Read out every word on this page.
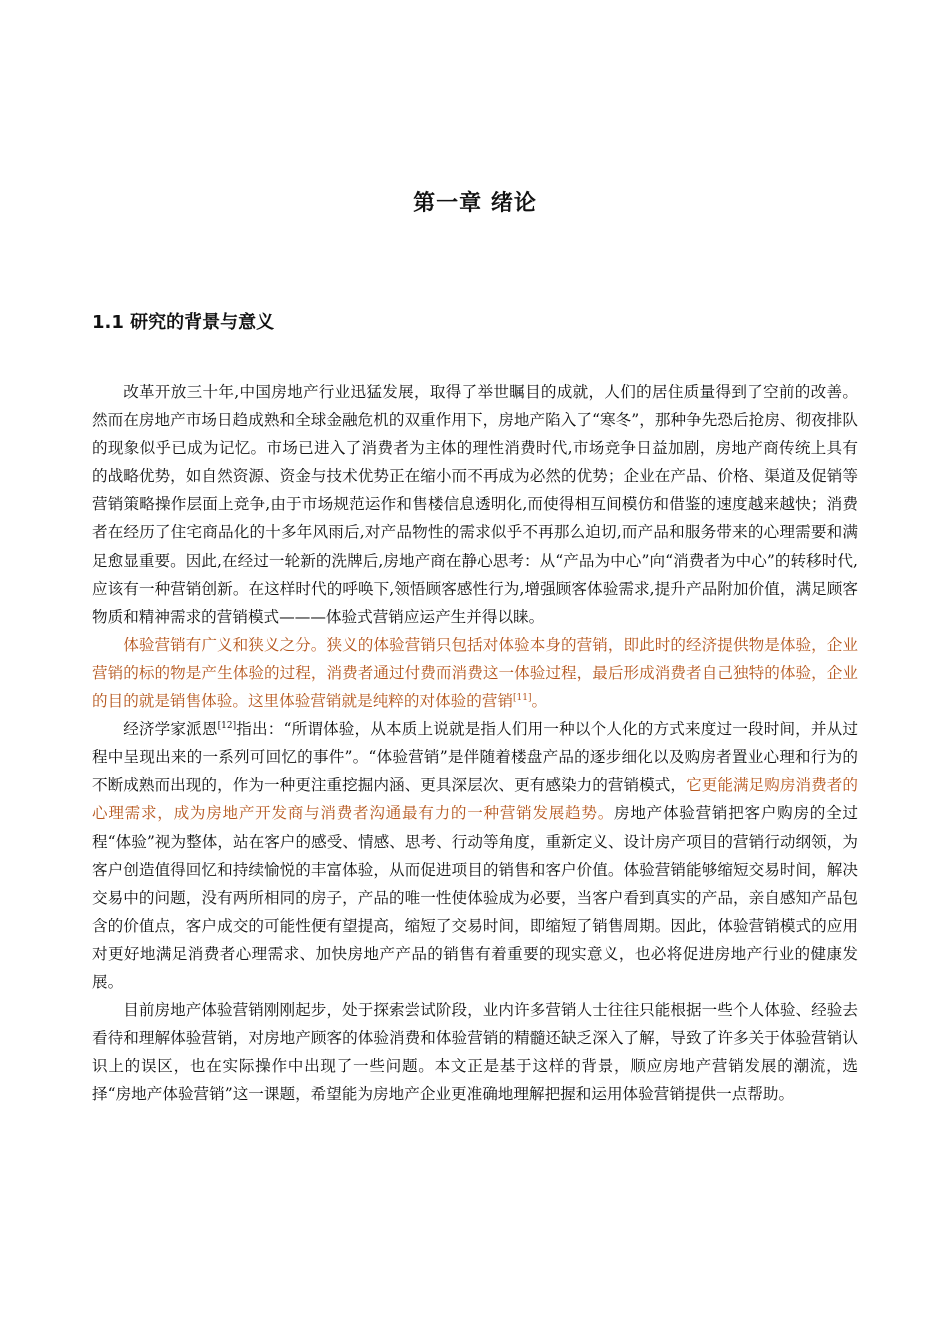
第一章 绪论
1.1 研究的背景与意义

改革开放三十年,中国房地产行业迅猛发展，取得了举世瞩目的成就，人们的居住质量得到了空前的改善。然而在房地产市场日趋成熟和全球金融危机的双重作用下，房地产陷入了“寒冬”，那种争先恐后抢房、彻夜排队的现象似乎已成为记忆。市场已进入了消费者为主体的理性消费时代,市场竞争日益加剧，房地产商传统上具有的战略优势，如自然资源、资金与技术优势正在缩小而不再成为必然的优势；企业在产品、价格、渠道及促销等营销策略操作层面上竞争,由于市场规范运作和售楼信息透明化,而使得相互间模仿和借鉴的速度越来越快；消费者在经历了住宅商品化的十多年风雨后,对产品物性的需求似乎不再那么迫切,而产品和服务带来的心理需要和满足愈显重要。因此,在经过一轮新的洗牌后,房地产商在静心思考：从“产品为中心”向“消费者为中心”的转移时代,应该有一种营销创新。在这样时代的呼唤下,领悟顾客感性行为,增强顾客体验需求,提升产品附加价值，满足顾客物质和精神需求的营销模式———体验式营销应运产生并得以睐。

体验营销有广义和狭义之分。狭义的体验营销只包括对体验本身的营销，即此时的经济提供物是体验，企业营销的标的物是产生体验的过程，消费者通过付费而消费这一体验过程，最后形成消费者自己独特的体验，企业的目的就是销售体验。这里体验营销就是纯粹的对体验的营销[11]。

经济学家派恩[12]指出：“所谓体验，从本质上说就是指人们用一种以个人化的方式来度过一段时间，并从过程中呈现出来的一系列可回忆的事件”。“体验营销”是伴随着楼盘产品的逐步细化以及购房者置业心理和行为的不断成熟而出现的，作为一种更注重挖掘内涵、更具深层次、更有感染力的营销模式，它更能满足购房消费者的心理需求，成为房地产开发商与消费者沟通最有力的一种营销发展趋势。房地产体验营销把客户购房的全过程“体验”视为整体，站在客户的感受、情感、思考、行动等角度，重新定义、设计房产项目的营销行动纲领，为客户创造值得回忆和持续愉悦的丰富体验，从而促进项目的销售和客户价值。体验营销能够缩短交易时间，解决交易中的问题，没有两所相同的房子，产品的唯一性使体验成为必要，当客户看到真实的产品，亲自感知产品包含的价值点，客户成交的可能性便有望提高，缩短了交易时间，即缩短了销售周期。因此，体验营销模式的应用对更好地满足消费者心理需求、加快房地产产品的销售有着重要的现实意义，也必将促进房地产行业的健康发展。

目前房地产体验营销刚刚起步，处于探索尝试阶段，业内许多营销人士往往只能根据一些个人体验、经验去看待和理解体验营销，对房地产顾客的体验消费和体验营销的精髓还缺乏深入了解，导致了许多关于体验营销认识上的误区，也在实际操作中出现了一些问题。本文正是基于这样的背景，顺应房地产营销发展的潮流，选择“房地产体验营销”这一课题，希望能为房地产企业更准确地理解把握和运用体验营销提供一点帮助。
